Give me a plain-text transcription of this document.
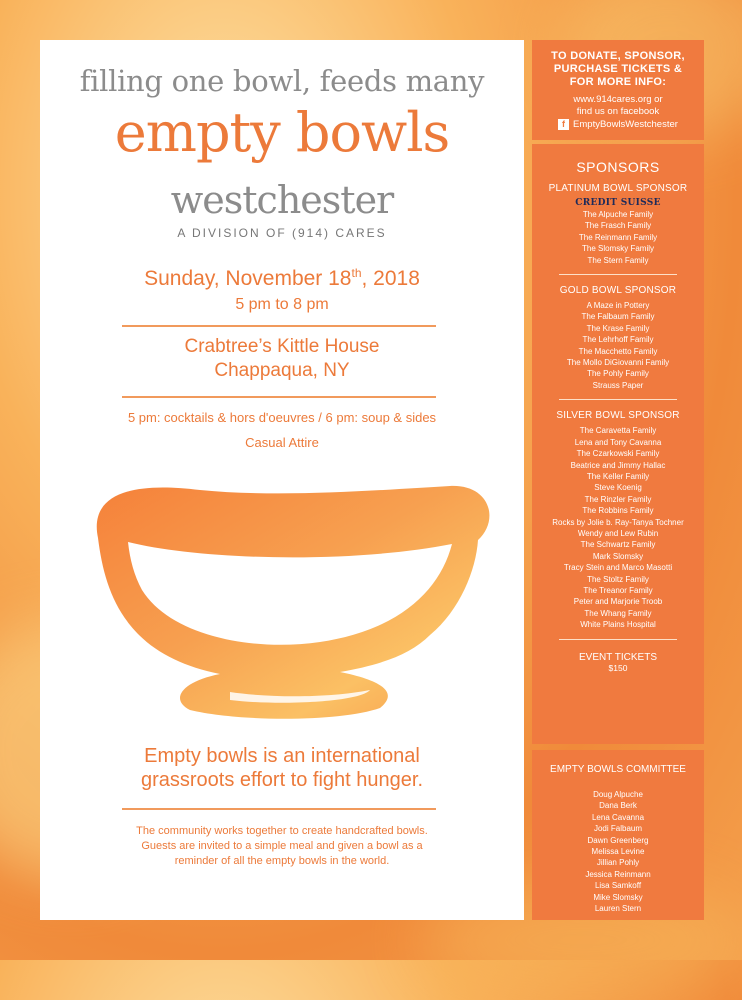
filling one bowl, feeds many
empty bowls
westchester
A DIVISION OF (914) CARES
Sunday, November 18th, 2018
5 pm to 8 pm
Crabtree’s Kittle House
Chappaqua, NY
5 pm: cocktails & hors d'oeuvres / 6 pm: soup & sides
Casual Attire
Empty bowls is an international
grassroots effort to fight hunger.
The community works together to create handcrafted bowls.
Guests are invited to a simple meal and given a bowl as a
reminder of all the empty bowls in the world.
TO DONATE, SPONSOR,
PURCHASE TICKETS &
FOR MORE INFO:
www.914cares.org or
find us on facebook
f EmptyBowlsWestchester
SPONSORS
PLATINUM BOWL SPONSOR
CREDIT SUISSE
The Alpuche Family
The Frasch Family
The Reinmann Family
The Slomsky Family
The Stern Family
GOLD BOWL SPONSOR
A Maze in Pottery
The Falbaum Family
The Krase Family
The Lehrhoff Family
The Macchetto Family
The Mollo DiGiovanni Family
The Pohly Family
Strauss Paper
SILVER BOWL SPONSOR
The Caravetta Family
Lena and Tony Cavanna
The Czarkowski Family
Beatrice and Jimmy Hallac
The Keller Family
Steve Koenig
The Rinzler Family
The Robbins Family
Rocks by Jolie b. Ray-Tanya Tochner
Wendy and Lew Rubin
The Schwartz Family
Mark Slomsky
Tracy Stein and Marco Masotti
The Stoltz Family
The Treanor Family
Peter and Marjorie Troob
The Whang Family
White Plains Hospital
EVENT TICKETS
$150
EMPTY BOWLS COMMITTEE
Doug Alpuche
Dana Berk
Lena Cavanna
Jodi Falbaum
Dawn Greenberg
Melissa Levine
Jillian Pohly
Jessica Reinmann
Lisa Samkoff
Mike Slomsky
Lauren Stern
